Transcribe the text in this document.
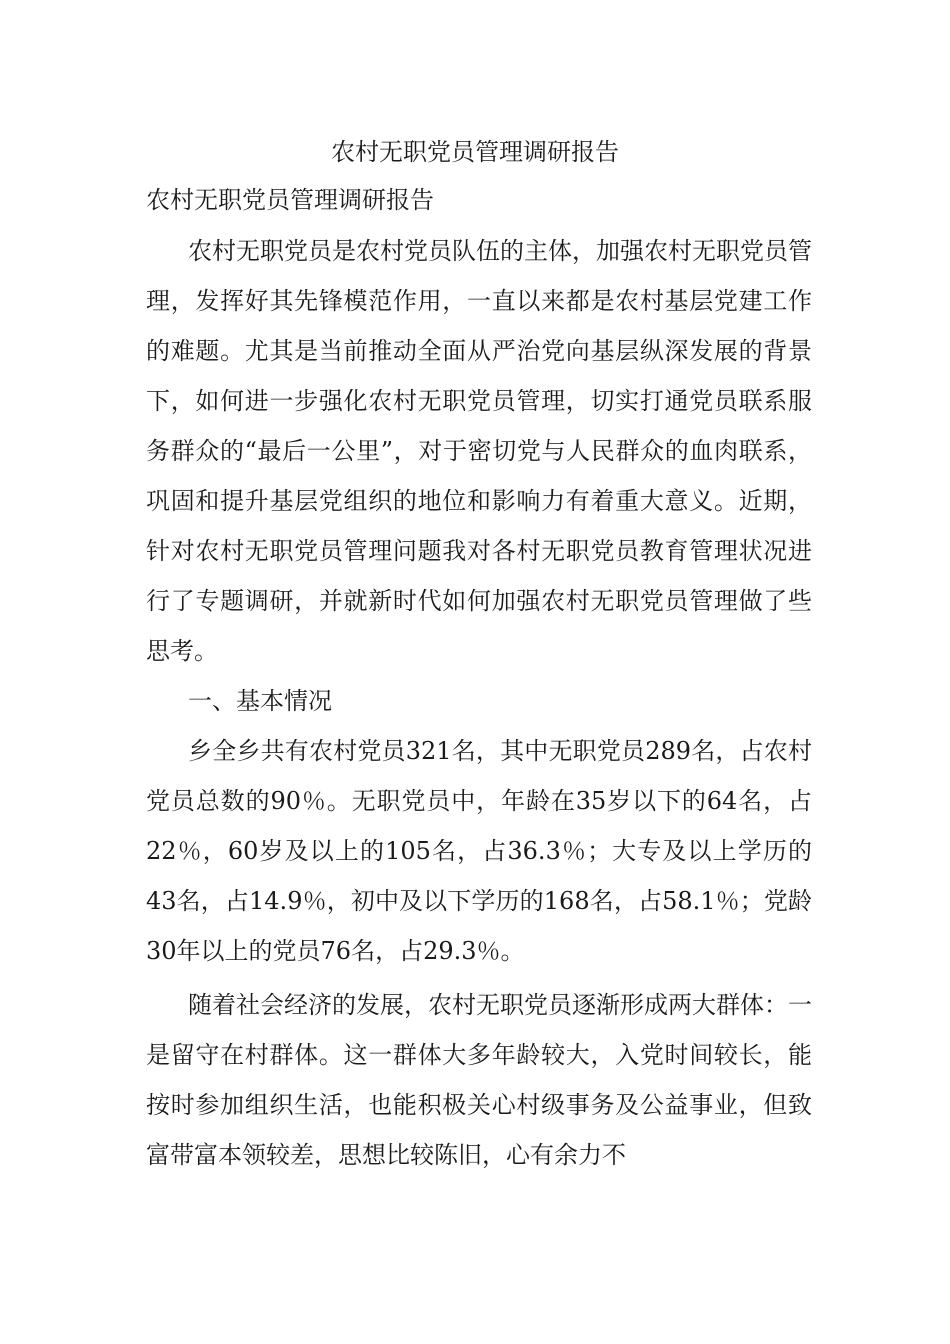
农村无职党员管理调研报告
农村无职党员管理调研报告

农村无职党员是农村党员队伍的主体，加强农村无职党员管理，发挥好其先锋模范作用，一直以来都是农村基层党建工作的难题。尤其是当前推动全面从严治党向基层纵深发展的背景下，如何进一步强化农村无职党员管理，切实打通党员联系服务群众的“最后一公里”，对于密切党与人民群众的血肉联系，巩固和提升基层党组织的地位和影响力有着重大意义。近期，针对农村无职党员管理问题我对各村无职党员教育管理状况进行了专题调研，并就新时代如何加强农村无职党员管理做了些思考。

一、基本情况

乡全乡共有农村党员321名，其中无职党员289名，占农村党员总数的90％。无职党员中，年龄在35岁以下的64名，占22％，60岁及以上的105名，占36.3％；大专及以上学历的43名，占14.9％，初中及以下学历的168名，占58.1％；党龄30年以上的党员76名，占29.3％。

随着社会经济的发展，农村无职党员逐渐形成两大群体：一是留守在村群体。这一群体大多年龄较大，入党时间较长，能按时参加组织生活，也能积极关心村级事务及公益事业，但致富带富本领较差，思想比较陈旧，心有余力不
